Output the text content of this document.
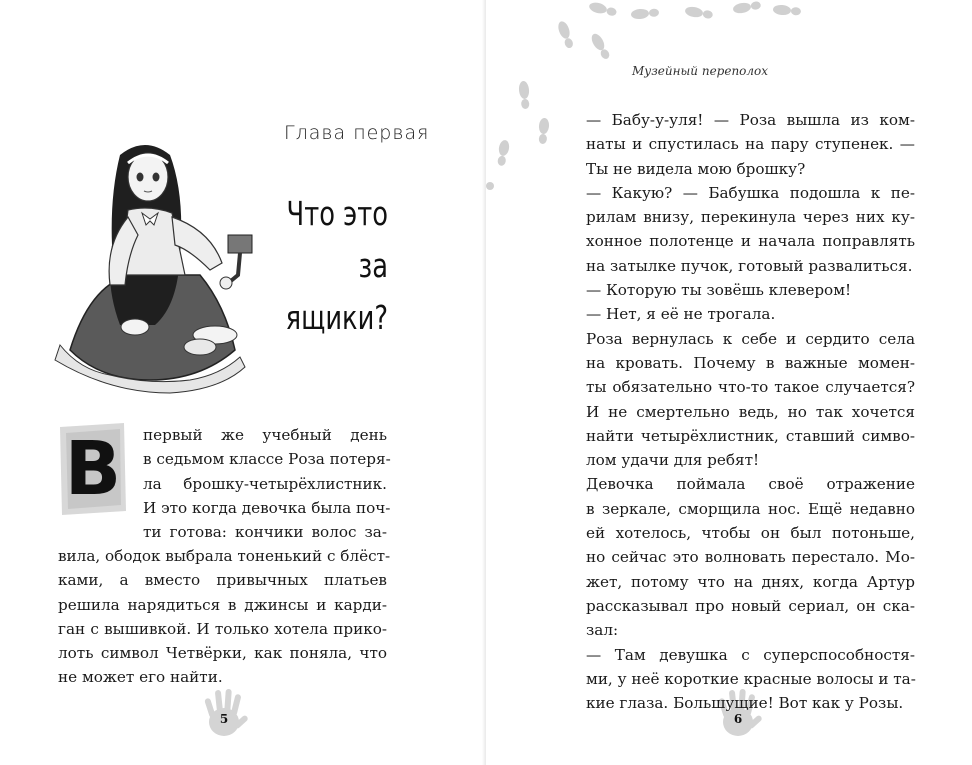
Глава первая
Что это за
ящики?
В	первый же учебный день
в седьмом классе Роза потеря-
ла брошку-четырёхлистник.
И это когда девочка была поч-
ти готова: кончики волос за-
вила, ободок выбрала тоненький с блёст-
ками, а вместо привычных платьев
решила нарядиться в джинсы и карди-
ган с вышивкой. И только хотела прико-
лоть символ Четвёрки, как поняла, что
не может его найти.
5	6
Музейный переполох
— Бабу-у-уля! — Роза вышла из ком-
наты и спустилась на пару ступенек. —
Ты не видела мою брошку?
— Какую? — Бабушка подошла к пе-
рилам внизу, перекинула через них ку-
хонное полотенце и начала поправлять
на затылке пучок, готовый развалиться.
— Которую ты зовёшь клевером!
— Нет, я её не трогала.
Роза вернулась к себе и сердито села
на кровать. Почему в важные момен-
ты обязательно что-то такое случается?
И не смертельно ведь, но так хочется
найти четырёхлистник, ставший симво-
лом удачи для ребят!
Девочка поймала своё отражение
в зеркале, сморщила нос. Ещё недавно
ей хотелось, чтобы он был потоньше,
но сейчас это волновать перестало. Мо-
жет, потому что на днях, когда Артур
рассказывал про новый сериал, он ска-
зал:
— Там девушка с суперспособностя-
ми, у неё короткие красные волосы и та-
кие глаза. Большущие! Вот как у Розы.
